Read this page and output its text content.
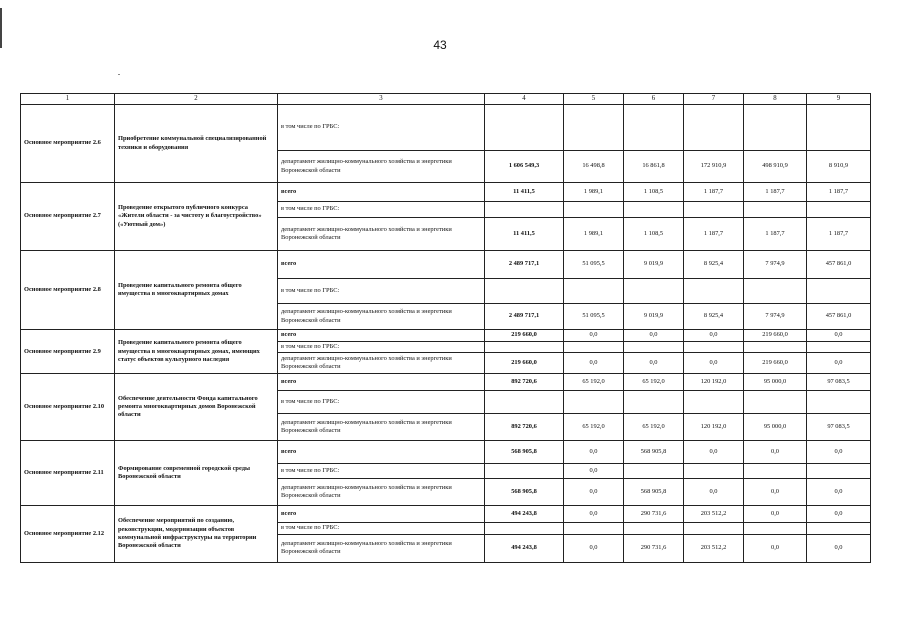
43
1	2	3	4	5	6	7	8	9
Основное мероприятие 2.6	Приобретение коммунальной специализированной техники и оборудования	в том числе по ГРБС:						
		департамент жилищно-коммунального хозяйства и энергетики Воронежской области	1 606 549,3	16 498,8	16 861,8	172 910,9	498 910,9	8 910,9
Основное мероприятие 2.7	Проведение открытого публичного конкурса «Жители области - за чистоту и благоустройство» («Уютный дом»)	всего	11 411,5	1 989,1	1 108,5	1 187,7	1 187,7	1 187,7
		в том числе по ГРБС:						
		департамент жилищно-коммунального хозяйства и энергетики Воронежской области	11 411,5	1 989,1	1 108,5	1 187,7	1 187,7	1 187,7
Основное мероприятие 2.8	Проведение капитального ремонта общего имущества в многоквартирных домах	всего	2 489 717,1	51 095,5	9 019,9	8 925,4	7 974,9	457 861,0
		в том числе по ГРБС:						
		департамент жилищно-коммунального хозяйства и энергетики Воронежской области	2 489 717,1	51 095,5	9 019,9	8 925,4	7 974,9	457 861,0
Основное мероприятие 2.9	Проведение капитального ремонта общего имущества в многоквартирных домах, имеющих статус объектов культурного наследия	всего	219 660,0	0,0	0,0	0,0	219 660,0	0,0
		в том числе по ГРБС:						
		департамент жилищно-коммунального хозяйства и энергетики Воронежской области	219 660,0	0,0	0,0	0,0	219 660,0	0,0
Основное мероприятие 2.10	Обеспечение деятельности Фонда капитального ремонта многоквартирных домов Воронежской области	всего	892 720,6	65 192,0	65 192,0	120 192,0	95 000,0	97 083,5
		в том числе по ГРБС:						
		департамент жилищно-коммунального хозяйства и энергетики Воронежской области	892 720,6	65 192,0	65 192,0	120 192,0	95 000,0	97 083,5
Основное мероприятие 2.11	Формирование современной городской среды Воронежской области	всего	568 905,8	0,0	568 905,8	0,0	0,0	0,0
		в том числе по ГРБС:		0,0				
		департамент жилищно-коммунального хозяйства и энергетики Воронежской области	568 905,8	0,0	568 905,8	0,0	0,0	0,0
Основное мероприятие 2.12	Обеспечение мероприятий по созданию, реконструкции, модернизации объектов коммунальной инфраструктуры на территории Воронежской области	всего	494 243,8	0,0	290 731,6	203 512,2	0,0	0,0
		в том числе по ГРБС:						
		департамент жилищно-коммунального хозяйства и энергетики Воронежской области	494 243,8	0,0	290 731,6	203 512,2	0,0	0,0
